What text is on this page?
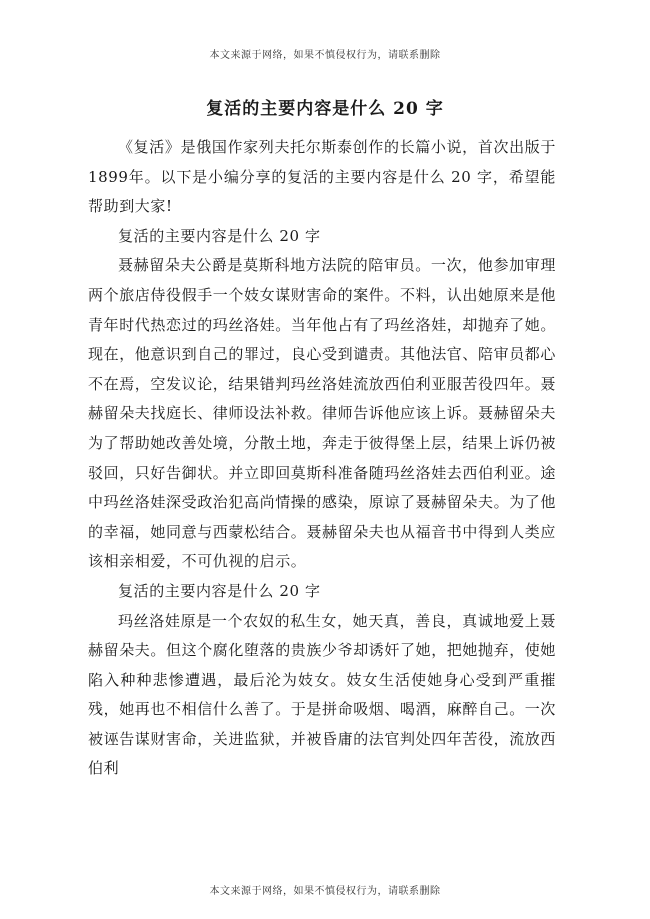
本文来源于网络，如果不慎侵权行为，请联系删除
复活的主要内容是什么 20 字

《复活》是俄国作家列夫托尔斯泰创作的长篇小说，首次出版于1899年。以下是小编分享的复活的主要内容是什么 20 字，希望能帮助到大家!

复活的主要内容是什么 20 字

聂赫留朵夫公爵是莫斯科地方法院的陪审员。一次，他参加审理两个旅店侍役假手一个妓女谋财害命的案件。不料，认出她原来是他青年时代热恋过的玛丝洛娃。当年他占有了玛丝洛娃，却抛弃了她。现在，他意识到自己的罪过，良心受到谴责。其他法官、陪审员都心不在焉，空发议论，结果错判玛丝洛娃流放西伯利亚服苦役四年。聂赫留朵夫找庭长、律师设法补救。律师告诉他应该上诉。聂赫留朵夫为了帮助她改善处境，分散土地，奔走于彼得堡上层，结果上诉仍被驳回，只好告御状。并立即回莫斯科准备随玛丝洛娃去西伯利亚。途中玛丝洛娃深受政治犯高尚情操的感染，原谅了聂赫留朵夫。为了他的幸福，她同意与西蒙松结合。聂赫留朵夫也从福音书中得到人类应该相亲相爱，不可仇视的启示。

复活的主要内容是什么 20 字

玛丝洛娃原是一个农奴的私生女，她天真，善良，真诚地爱上聂赫留朵夫。但这个腐化堕落的贵族少爷却诱奸了她，把她抛弃，使她陷入种种悲惨遭遇，最后沦为妓女。妓女生活使她身心受到严重摧残，她再也不相信什么善了。于是拼命吸烟、喝酒，麻醉自己。一次被诬告谋财害命，关进监狱，并被昏庸的法官判处四年苦役，流放西伯利

本文来源于网络，如果不慎侵权行为，请联系删除
